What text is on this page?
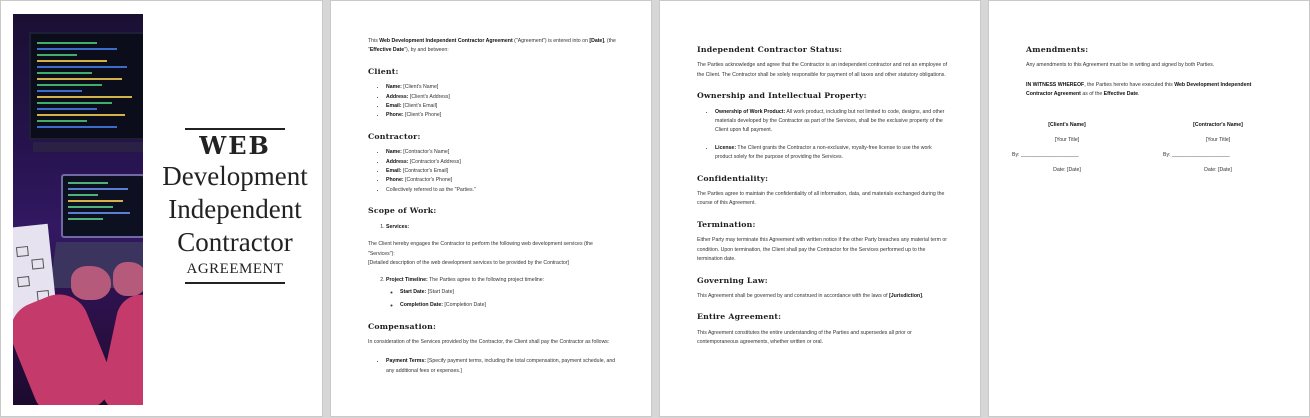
WEB
Development
Independent
Contractor
AGREEMENT

This Web Development Independent Contractor Agreement ("Agreement") is entered into on [Date], (the "Effective Date"), by and between:

Client:
• Name: [Client's Name]
• Address: [Client's Address]
• Email: [Client's Email]
• Phone: [Client's Phone]
Contractor:
• Name: [Contractor's Name]
• Address: [Contractor's Address]
• Email: [Contractor's Email]
• Phone: [Contractor's Phone]
• Collectively referred to as the "Parties."
Scope of Work:
1. Services:

The Client hereby engages the Contractor to perform the following web development services (the "Services"):

[Detailed description of the web development services to be provided by the Contractor]

2. Project Timeline: The Parties agree to the following project timeline:
◦ Start Date: [Start Date]
◦ Completion Date: [Completion Date]
Compensation:

In consideration of the Services provided by the Contractor, the Client shall pay the Contractor as follows:

• Payment Terms: [Specify payment terms, including the total compensation, payment schedule, and any additional fees or expenses.]
Independent Contractor Status:

The Parties acknowledge and agree that the Contractor is an independent contractor and not an employee of the Client. The Contractor shall be solely responsible for payment of all taxes and other statutory obligations.

Ownership and Intellectual Property:
• Ownership of Work Product: All work product, including but not limited to code, designs, and other materials developed by the Contractor as part of the Services, shall be the exclusive property of the Client upon full payment.
• License: The Client grants the Contractor a non-exclusive, royalty-free license to use the work product solely for the purpose of providing the Services.
Confidentiality:

The Parties agree to maintain the confidentiality of all information, data, and materials exchanged during the course of this Agreement.

Termination:

Either Party may terminate this Agreement with written notice if the other Party breaches any material term or condition. Upon termination, the Client shall pay the Contractor for the Services performed up to the termination date.

Governing Law:

This Agreement shall be governed by and construed in accordance with the laws of [Jurisdiction].

Entire Agreement:

This Agreement constitutes the entire understanding of the Parties and supersedes all prior or contemporaneous agreements, whether written or oral.

Amendments:

Any amendments to this Agreement must be in writing and signed by both Parties.

IN WITNESS WHEREOF, the Parties hereto have executed this Web Development Independent Contractor Agreement as of the Effective Date.

[Client's Name]
[Your Title]
By: ____________________
Date: [Date]
[Contractor's Name]
[Your Title]
By: ____________________
Date: [Date]
